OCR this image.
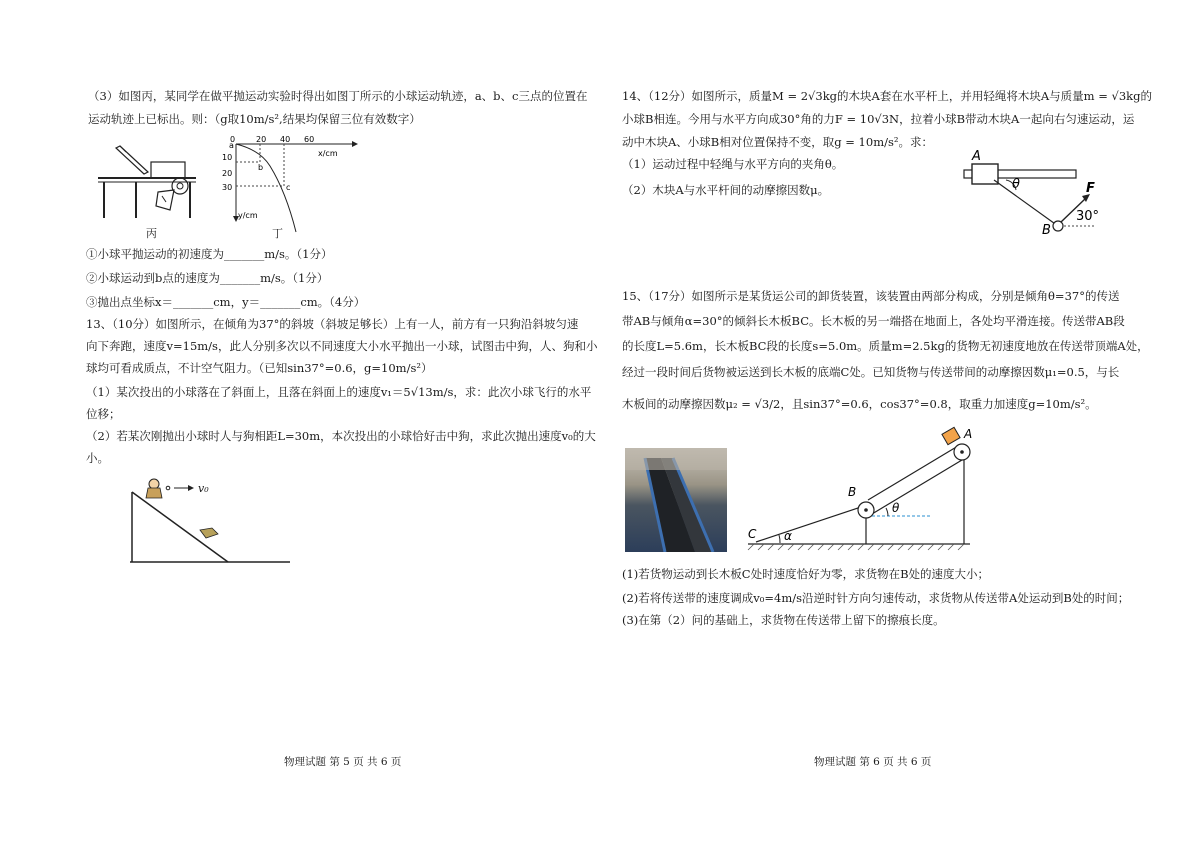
（3）如图丙，某同学在做平抛运动实验时得出如图丁所示的小球运动轨迹，a、b、c三点的位置在
运动轨迹上已标出。则：（g取10m/s²,结果均保留三位有效数字）
丙
0	20 40 60
x/cm
10
20
30
y/cm
a
b
c
丁
①小球平抛运动的初速度为_______m/s。（1分）
②小球运动到b点的速度为_______m/s。（1分）
③抛出点坐标x＝_______cm，y＝_______cm。（4分）
13、（10分）如图所示，在倾角为37°的斜坡（斜坡足够长）上有一人，前方有一只狗沿斜坡匀速
向下奔跑，速度v=15m/s，此人分别多次以不同速度大小水平抛出一小球，试图击中狗，人、狗和小
球均可看成质点，不计空气阻力。（已知sin37°=0.6，g=10m/s²）
（1）某次投出的小球落在了斜面上，且落在斜面上的速度v₁＝5√13m/s，求：此次小球飞行的水平
位移；
（2）若某次刚抛出小球时人与狗相距L=30m，本次投出的小球恰好击中狗，求此次抛出速度v₀的大
小。
v₀
物理试题 第 5 页 共 6 页
14、（12分）如图所示，质量M = 2√3kg的木块A套在水平杆上，并用轻绳将木块A与质量m = √3kg的
小球B相连。今用与水平方向成30°角的力F = 10√3N，拉着小球B带动木块A一起向右匀速运动，运
动中木块A、小球B相对位置保持不变，取g = 10m/s²。求：
（1）运动过程中轻绳与水平方向的夹角θ。
（2）木块A与水平杆间的动摩擦因数μ。
A
θ
B
F
30°
15、（17分）如图所示是某货运公司的卸货装置，该装置由两部分构成，分别是倾角θ=37°的传送
带AB与倾角α=30°的倾斜长木板BC。长木板的另一端搭在地面上，各处均平滑连接。传送带AB段
的长度L=5.6m，长木板BC段的长度s=5.0m。质量m=2.5kg的货物无初速度地放在传送带顶端A处，
经过一段时间后货物被运送到长木板的底端C处。已知货物与传送带间的动摩擦因数μ₁=0.5，与长
木板间的动摩擦因数μ₂ = √3/2，且sin37°=0.6，cos37°=0.8，取重力加速度g=10m/s²。
A
B
C
θ
α
(1)若货物运动到长木板C处时速度恰好为零，求货物在B处的速度大小；
(2)若将传送带的速度调成v₀=4m/s沿逆时针方向匀速传动，求货物从传送带A处运动到B处的时间；
(3)在第（2）问的基础上，求货物在传送带上留下的擦痕长度。
物理试题 第 6 页 共 6 页
